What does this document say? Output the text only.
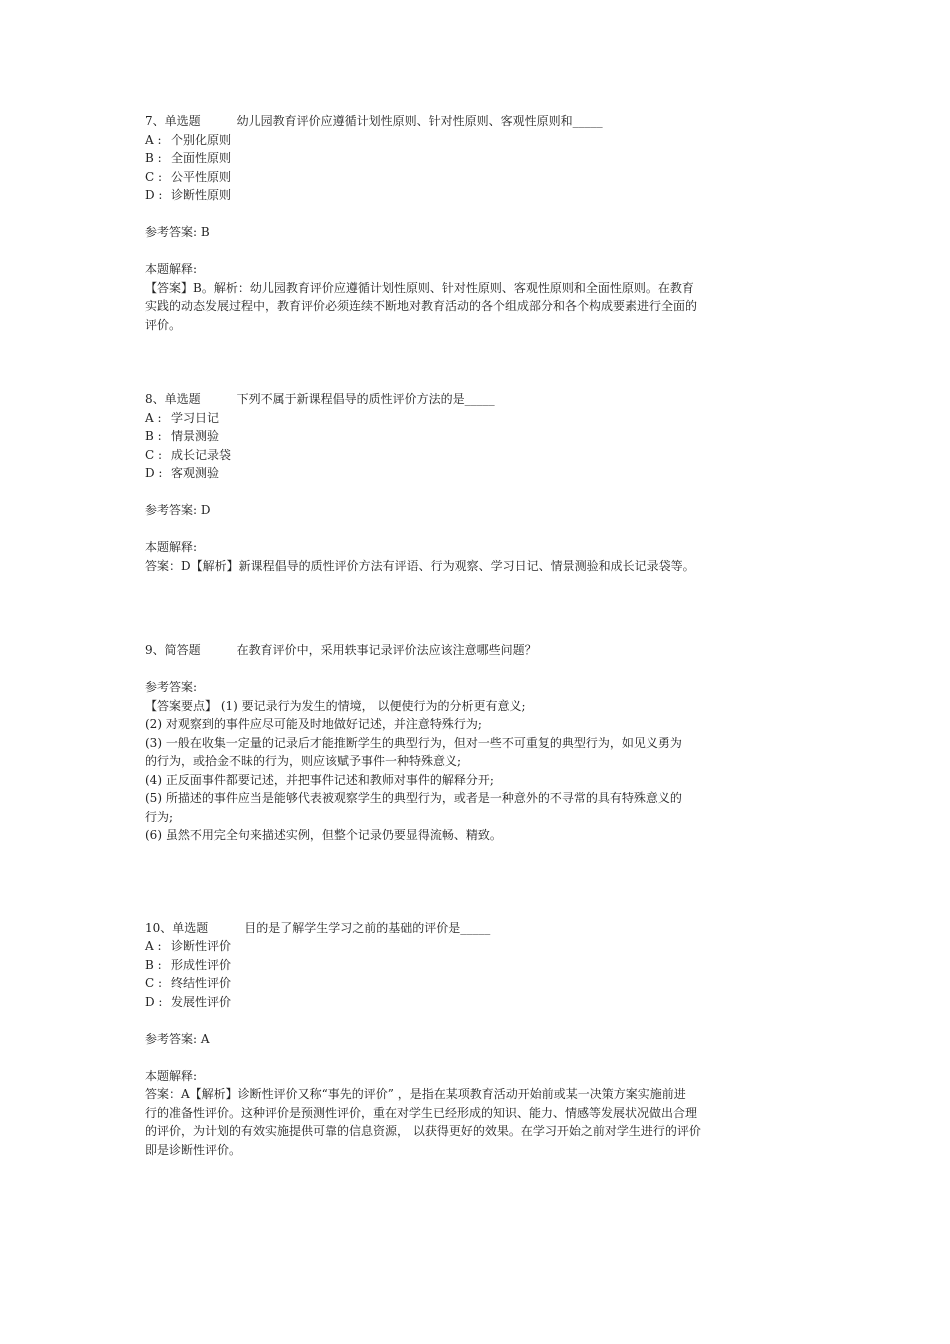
7、单选题	幼儿园教育评价应遵循计划性原则、针对性原则、客观性原则和_____

A : 个别化原则

B : 全面性原则

C : 公平性原则

D : 诊断性原则

参考答案: B

本题解释:

【答案】B。解析：幼儿园教育评价应遵循计划性原则、针对性原则、客观性原则和全面性原则。在教育

实践的动态发展过程中，教育评价必须连续不断地对教育活动的各个组成部分和各个构成要素进行全面的

评价。

8、单选题	下列不属于新课程倡导的质性评价方法的是_____

A : 学习日记

B : 情景测验

C : 成长记录袋

D : 客观测验

参考答案: D

本题解释:

答案：D【解析】新课程倡导的质性评价方法有评语、行为观察、学习日记、情景测验和成长记录袋等。

9、简答题	在教育评价中，采用轶事记录评价法应该注意哪些问题？

参考答案:

【答案要点】 (1) 要记录行为发生的情境， 以便使行为的分析更有意义;

(2) 对观察到的事件应尽可能及时地做好记述，并注意特殊行为;

(3) 一般在收集一定量的记录后才能推断学生的典型行为，但对一些不可重复的典型行为，如见义勇为

的行为，或拾金不昧的行为，则应该赋予事件一种特殊意义;

(4) 正反面事件都要记述，并把事件记述和教师对事件的解释分开;

(5) 所描述的事件应当是能够代表被观察学生的典型行为，或者是一种意外的不寻常的具有特殊意义的

行为;

(6) 虽然不用完全句来描述实例，但整个记录仍要显得流畅、精致。

10、单选题	目的是了解学生学习之前的基础的评价是_____

A : 诊断性评价

B : 形成性评价

C : 终结性评价

D : 发展性评价

参考答案: A

本题解释:

答案：A【解析】诊断性评价又称“事先的评价” ，是指在某项教育活动开始前或某一决策方案实施前进

行的准备性评价。这种评价是预测性评价，重在对学生已经形成的知识、能力、情感等发展状况做出合理

的评价，为计划的有效实施提供可靠的信息资源， 以获得更好的效果。在学习开始之前对学生进行的评价

即是诊断性评价。
